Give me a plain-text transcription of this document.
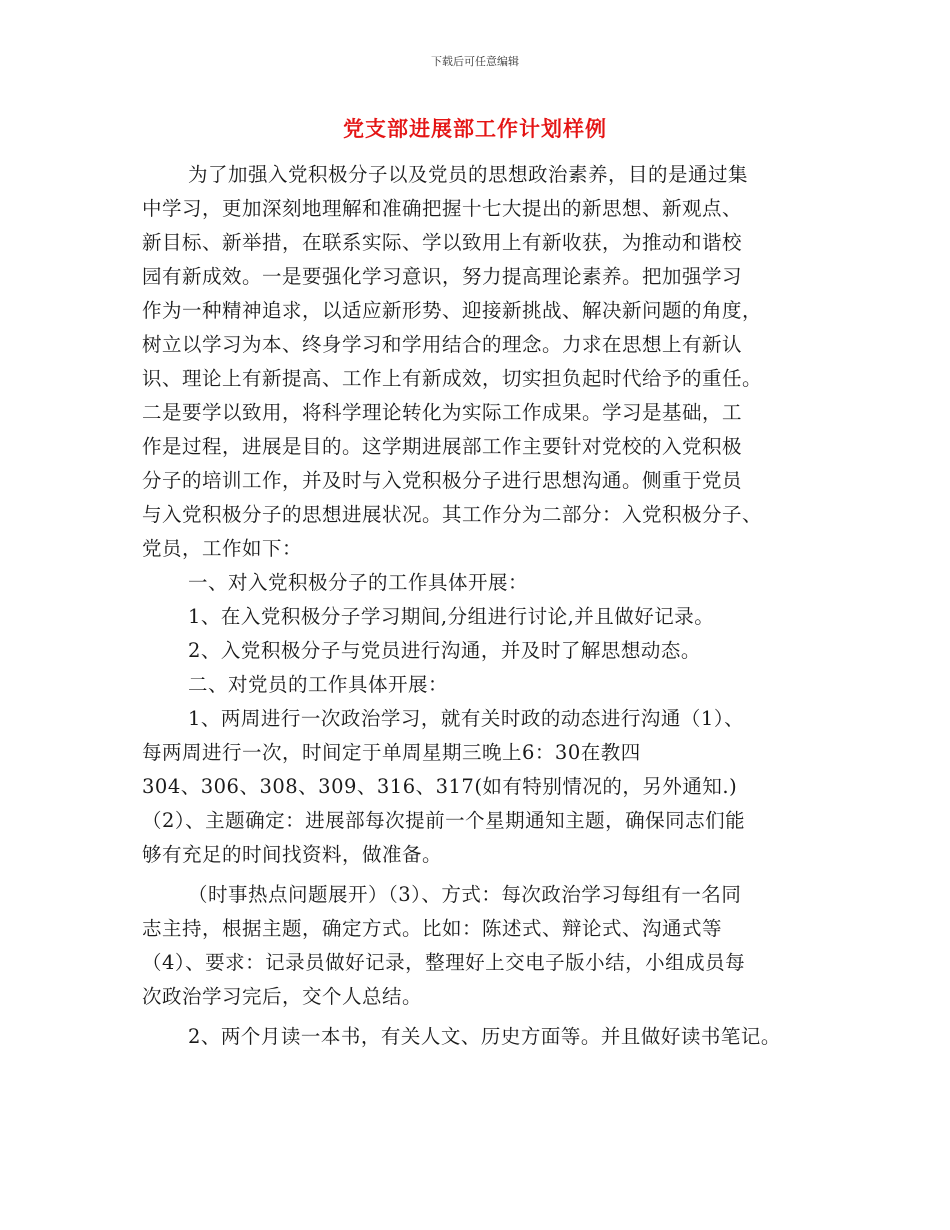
下载后可任意编辑
党支部进展部工作计划样例
为了加强入党积极分子以及党员的思想政治素养，目的是通过集
中学习，更加深刻地理解和准确把握十七大提出的新思想、新观点、
新目标、新举措，在联系实际、学以致用上有新收获，为推动和谐校
园有新成效。一是要强化学习意识，努力提高理论素养。把加强学习
作为一种精神追求，以适应新形势、迎接新挑战、解决新问题的角度，
树立以学习为本、终身学习和学用结合的理念。力求在思想上有新认
识、理论上有新提高、工作上有新成效，切实担负起时代给予的重任。
二是要学以致用，将科学理论转化为实际工作成果。学习是基础，工
作是过程，进展是目的。这学期进展部工作主要针对党校的入党积极
分子的培训工作，并及时与入党积极分子进行思想沟通。侧重于党员
与入党积极分子的思想进展状况。其工作分为二部分：入党积极分子、
党员，工作如下：
一、对入党积极分子的工作具体开展：
1、在入党积极分子学习期间,分组进行讨论,并且做好记录。
2、入党积极分子与党员进行沟通，并及时了解思想动态。
二、对党员的工作具体开展：
1、两周进行一次政治学习，就有关时政的动态进行沟通（1）、
每两周进行一次，时间定于单周星期三晚上6：30在教四
304、306、308、309、316、317(如有特别情况的，另外通知.)
（2）、主题确定：进展部每次提前一个星期通知主题，确保同志们能
够有充足的时间找资料，做准备。
（时事热点问题展开）（3）、方式：每次政治学习每组有一名同
志主持，根据主题，确定方式。比如：陈述式、辩论式、沟通式等
（4）、要求：记录员做好记录，整理好上交电子版小结，小组成员每
次政治学习完后，交个人总结。
2、两个月读一本书，有关人文、历史方面等。并且做好读书笔记。
